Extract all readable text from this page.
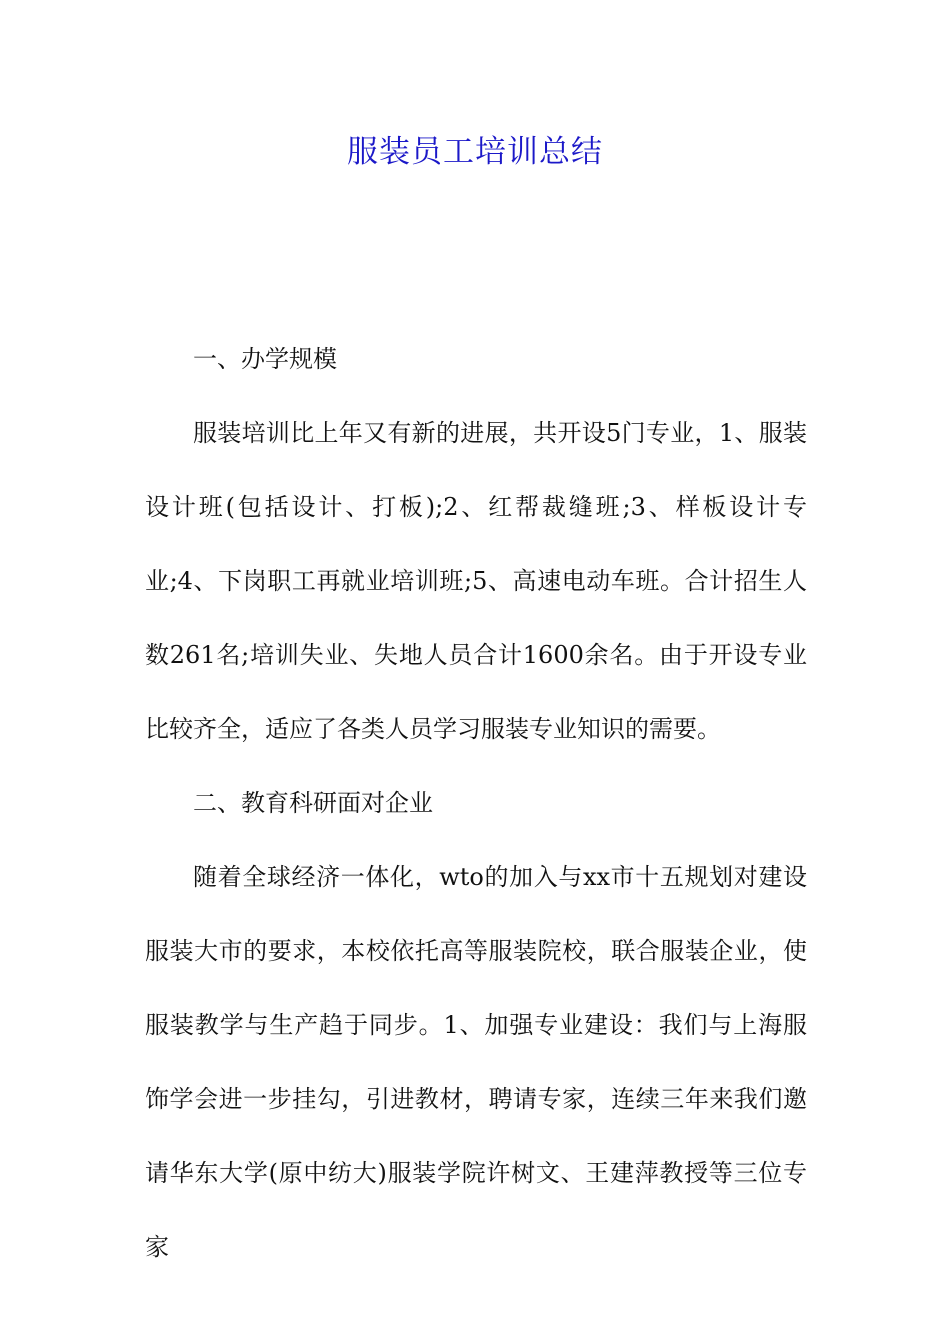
服装员工培训总结

一、办学规模

服装培训比上年又有新的进展，共开设5门专业，1、服装设计班(包括设计、打板);2、红帮裁缝班;3、样板设计专业;4、下岗职工再就业培训班;5、高速电动车班。合计招生人数261名;培训失业、失地人员合计1600余名。由于开设专业比较齐全，适应了各类人员学习服装专业知识的需要。

二、教育科研面对企业

随着全球经济一体化，wto的加入与xx市十五规划对建设服装大市的要求，本校依托高等服装院校，联合服装企业，使服装教学与生产趋于同步。1、加强专业建设：我们与上海服饰学会进一步挂勾，引进教材，聘请专家，连续三年来我们邀请华东大学(原中纺大)服装学院许树文、王建萍教授等三位专家
